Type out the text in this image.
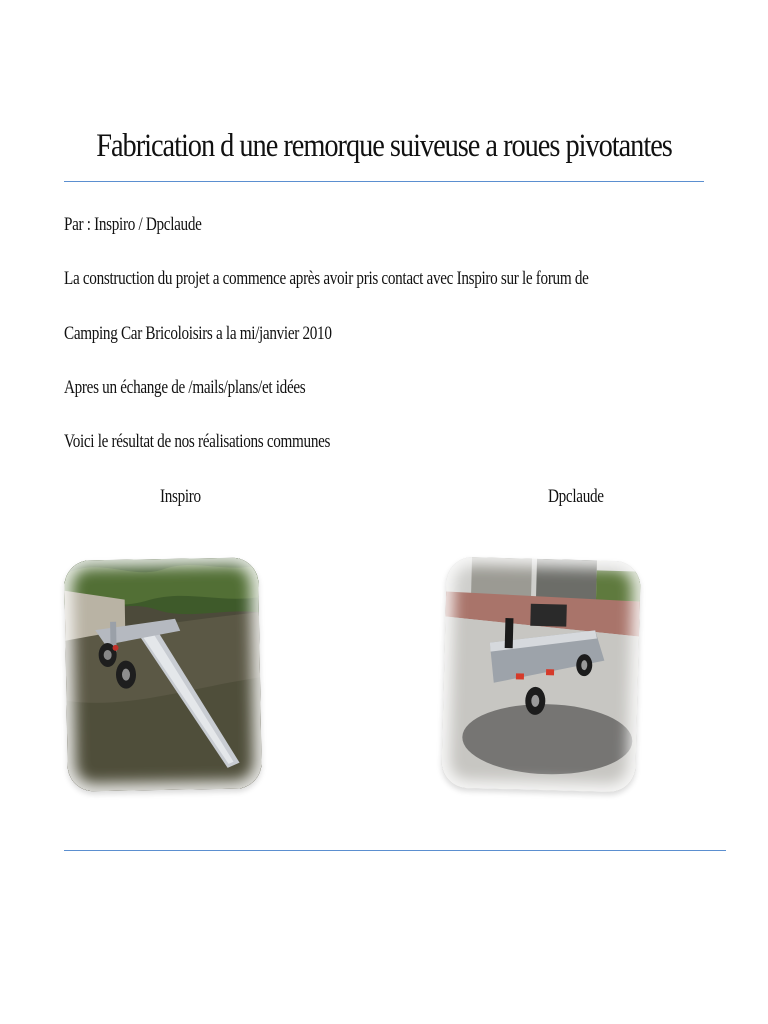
Fabrication d une remorque suiveuse a roues pivotantes
Par : Inspiro / Dpclaude
La construction du projet a commence après avoir pris contact avec Inspiro sur le forum de
Camping Car Bricoloisirs a la mi/janvier 2010
Apres un échange de /mails/plans/et idées
Voici le résultat de nos réalisations communes
Inspiro	Dpclaude
